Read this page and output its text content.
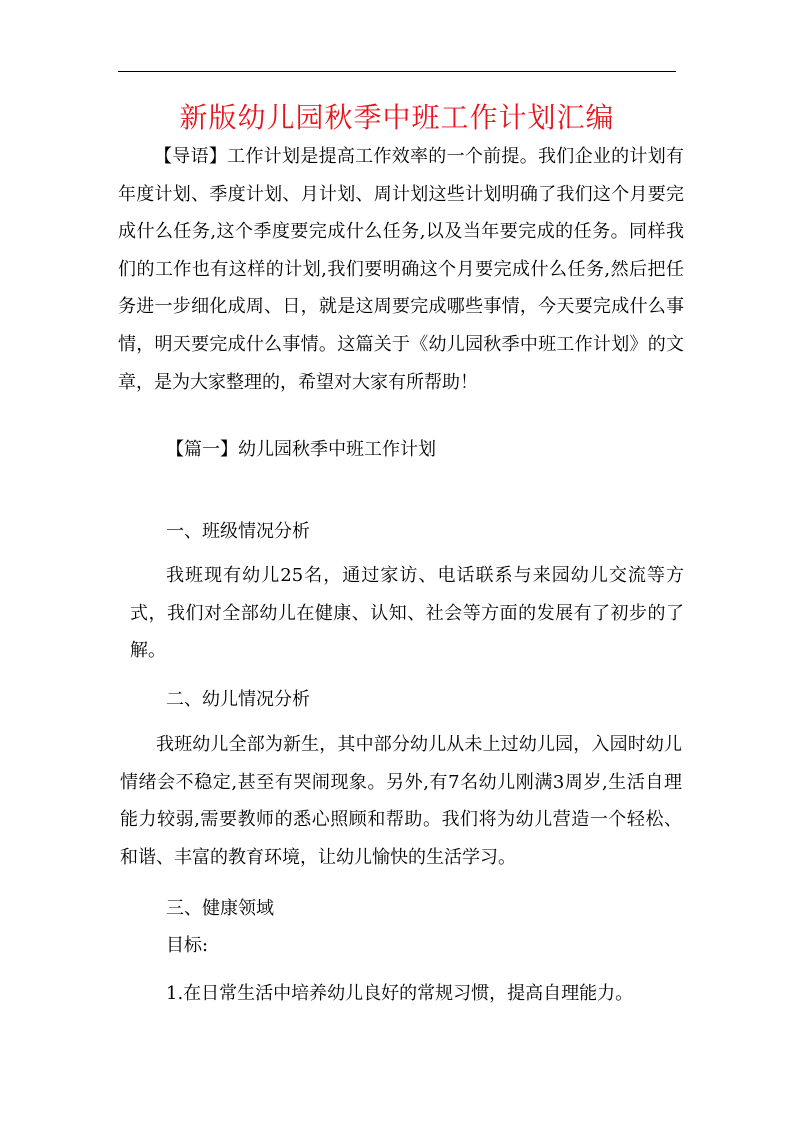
新版幼儿园秋季中班工作计划汇编

【导语】工作计划是提高工作效率的一个前提。我们企业的计划有年度计划、季度计划、月计划、周计划这些计划明确了我们这个月要完成什么任务,这个季度要完成什么任务,以及当年要完成的任务。同样我们的工作也有这样的计划,我们要明确这个月要完成什么任务,然后把任务进一步细化成周、日，就是这周要完成哪些事情，今天要完成什么事情，明天要完成什么事情。这篇关于《幼儿园秋季中班工作计划》的文章，是为大家整理的，希望对大家有所帮助！

【篇一】幼儿园秋季中班工作计划

一、班级情况分析

我班现有幼儿25名，通过家访、电话联系与来园幼儿交流等方式，我们对全部幼儿在健康、认知、社会等方面的发展有了初步的了解。

二、幼儿情况分析

我班幼儿全部为新生，其中部分幼儿从未上过幼儿园，入园时幼儿情绪会不稳定,甚至有哭闹现象。另外,有7名幼儿刚满3周岁,生活自理能力较弱,需要教师的悉心照顾和帮助。我们将为幼儿营造一个轻松、和谐、丰富的教育环境，让幼儿愉快的生活学习。

三、健康领域

目标:

1.在日常生活中培养幼儿良好的常规习惯，提高自理能力。
